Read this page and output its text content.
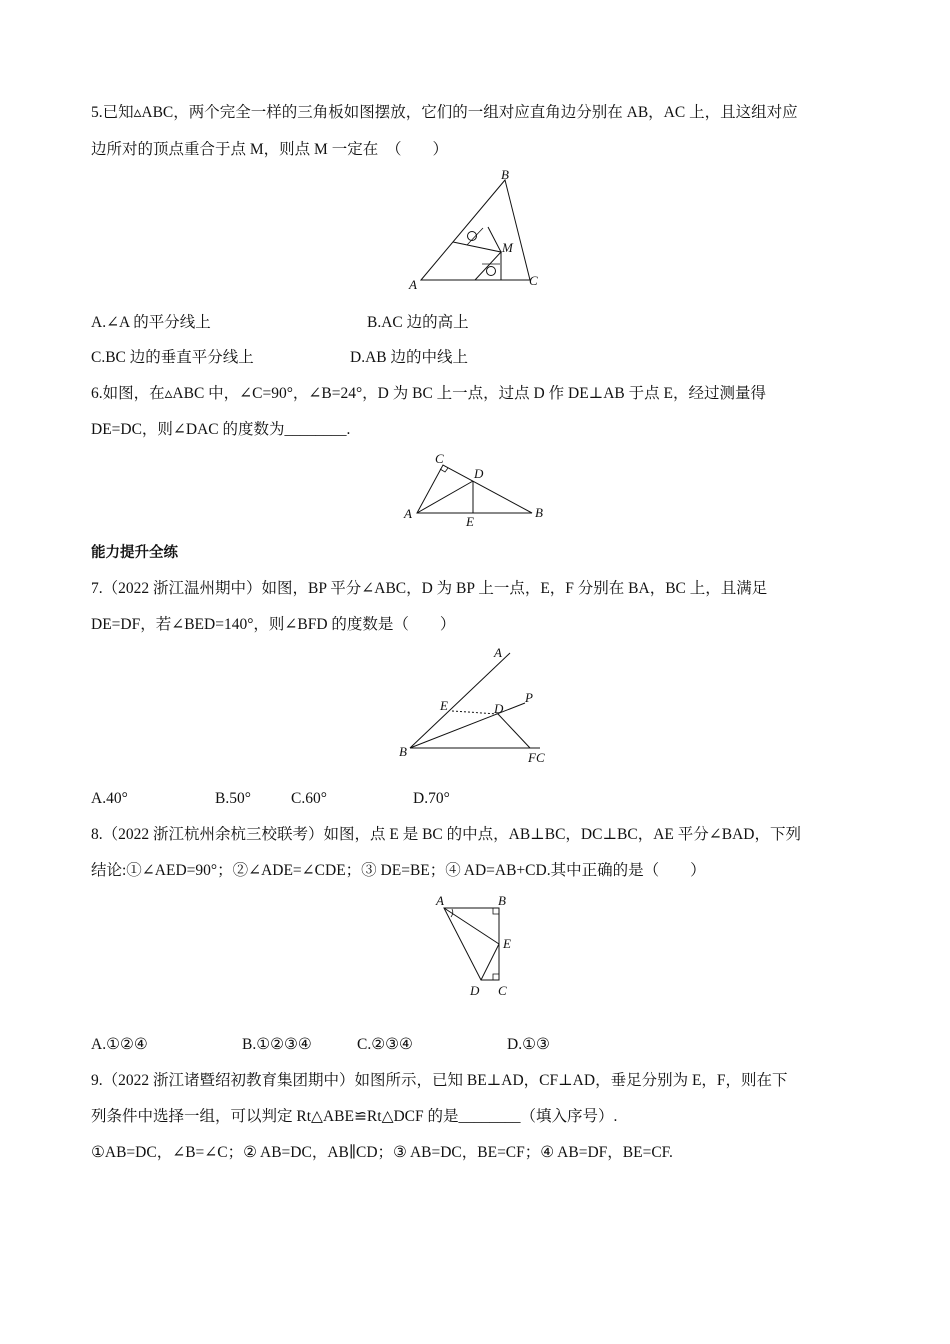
5.已知▵ABC，两个完全一样的三角板如图摆放，它们的一组对应直角边分别在 AB，AC 上，且这组对应
边所对的顶点重合于点 M，则点 M 一定在　（　　）
A
B
C
M
A.∠A 的平分线上	B.AC 边的高上
C.BC 边的垂直平分线上	D.AB 边的中线上
6.如图，在▵ABC 中，∠C=90°，∠B=24°，D 为 BC 上一点，过点 D 作 DE⊥AB 于点 E，经过测量得
DE=DC，则∠DAC 的度数为________.
A	B
C
D
E
能力提升全练
7.（2022 浙江温州期中）如图，BP 平分∠ABC，D 为 BP 上一点，E，F 分别在 BA，BC 上，且满足
DE=DF，若∠BED=140°，则∠BFD 的度数是（　　）
A
P
E	D
B	FC
A.40°	B.50°	C.60°	D.70°
8.（2022 浙江杭州余杭三校联考）如图，点 E 是 BC 的中点，AB⊥BC，DC⊥BC，AE 平分∠BAD，下列
结论:①∠AED=90°；②∠ADE=∠CDE；③ DE=BE；④ AD=AB+CD.其中正确的是（　　）
A	B
E
D C
A.①②④	B.①②③④	C.②③④	D.①③
9.（2022 浙江诸暨绍初教育集团期中）如图所示，已知 BE⊥AD，CF⊥AD，垂足分别为 E，F，则在下
列条件中选择一组，可以判定 Rt△ABE≌Rt△DCF 的是________（填入序号）.
①AB=DC，∠B=∠C；② AB=DC，AB∥CD；③ AB=DC，BE=CF；④ AB=DF，BE=CF.
